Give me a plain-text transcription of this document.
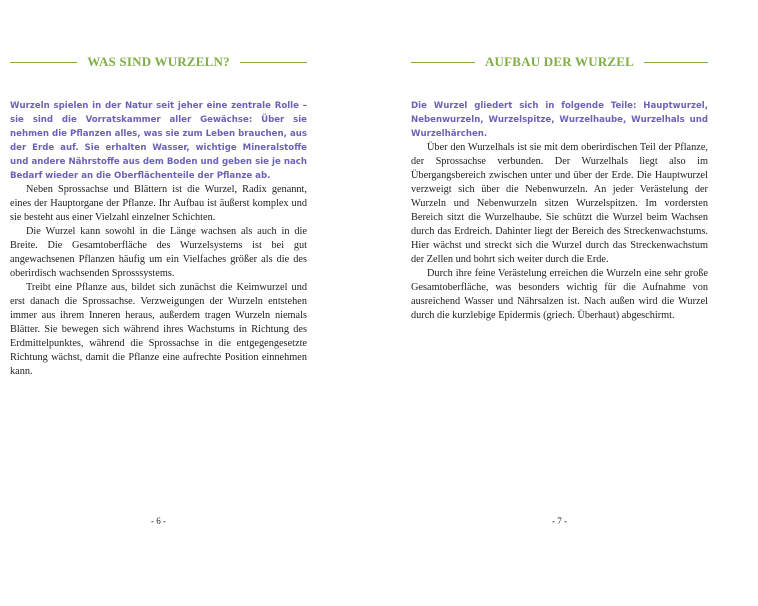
WAS SIND WURZELN?

Wurzeln spielen in der Natur seit jeher eine zentrale Rolle – sie sind die Vorratskammer aller Gewächse: Über sie nehmen die Pflanzen alles, was sie zum Leben brauchen, aus der Erde auf. Sie erhalten Wasser, wichtige Mineralstoffe und andere Nährstoffe aus dem Boden und geben sie je nach Bedarf wieder an die Oberflächenteile der Pflanze ab.

Neben Sprossachse und Blättern ist die Wurzel, Radix genannt, eines der Hauptorgane der Pflanze. Ihr Aufbau ist äußerst komplex und sie besteht aus einer Vielzahl einzelner Schichten.

Die Wurzel kann sowohl in die Länge wachsen als auch in die Breite. Die Gesamtoberfläche des Wurzelsystems ist bei gut angewachsenen Pflanzen häufig um ein Vielfaches größer als die des oberirdisch wachsenden Sprosssystems.

Treibt eine Pflanze aus, bildet sich zunächst die Keimwurzel und erst danach die Sprossachse. Verzweigungen der Wurzeln entstehen immer aus ihrem Inneren heraus, außerdem tragen Wurzeln niemals Blätter. Sie bewegen sich während ihres Wachstums in Richtung des Erdmittelpunktes, während die Sprossachse in die entgegengesetzte Richtung wächst, damit die Pflanze eine aufrechte Position einnehmen kann.

- 6 -
AUFBAU DER WURZEL

Die Wurzel gliedert sich in folgende Teile: Hauptwurzel, Nebenwurzeln, Wurzelspitze, Wurzelhaube, Wurzelhals und Wurzelhärchen.

Über den Wurzelhals ist sie mit dem oberirdischen Teil der Pflanze, der Sprossachse verbunden. Der Wurzelhals liegt also im Übergangsbereich zwischen unter und über der Erde. Die Hauptwurzel verzweigt sich über die Nebenwurzeln. An jeder Verästelung der Wurzeln und Nebenwurzeln sitzen Wurzelspitzen. Im vordersten Bereich sitzt die Wurzelhaube. Sie schützt die Wurzel beim Wachsen durch das Erdreich. Dahinter liegt der Bereich des Streckenwachstums. Hier wächst und streckt sich die Wurzel durch das Streckenwachstum der Zellen und bohrt sich weiter durch die Erde.

Durch ihre feine Verästelung erreichen die Wurzeln eine sehr große Gesamtoberfläche, was besonders wichtig für die Aufnahme von ausreichend Wasser und Nährsalzen ist. Nach außen wird die Wurzel durch die kurzlebige Epidermis (griech. Überhaut) abgeschirmt.

- 7 -
